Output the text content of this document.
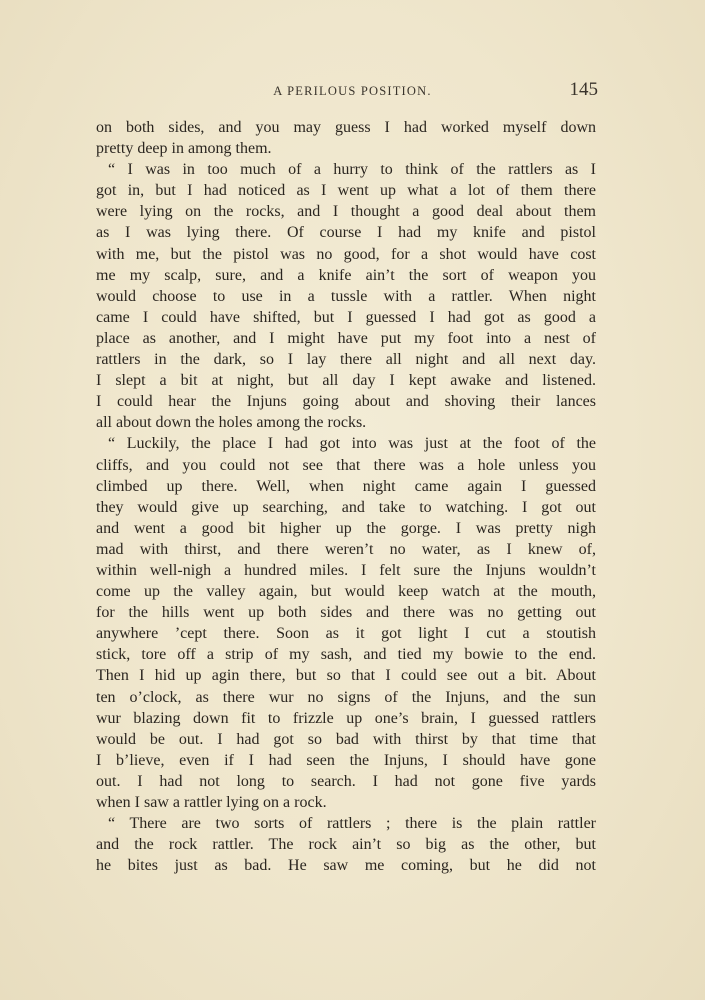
A PERILOUS POSITION.	145
on both sides, and you may guess I had worked myself down
pretty deep in among them.
“ I was in too much of a hurry to think of the rattlers as I
got in, but I had noticed as I went up what a lot of them there
were lying on the rocks, and I thought a good deal about them
as I was lying there. Of course I had my knife and pistol
with me, but the pistol was no good, for a shot would have cost
me my scalp, sure, and a knife ain’t the sort of weapon you
would choose to use in a tussle with a rattler. When night
came I could have shifted, but I guessed I had got as good a
place as another, and I might have put my foot into a nest of
rattlers in the dark, so I lay there all night and all next day.
I slept a bit at night, but all day I kept awake and listened.
I could hear the Injuns going about and shoving their lances
all about down the holes among the rocks.
“ Luckily, the place I had got into was just at the foot of the
cliffs, and you could not see that there was a hole unless you
climbed up there. Well, when night came again I guessed
they would give up searching, and take to watching. I got out
and went a good bit higher up the gorge. I was pretty nigh
mad with thirst, and there weren’t no water, as I knew of,
within well-nigh a hundred miles. I felt sure the Injuns wouldn’t
come up the valley again, but would keep watch at the mouth,
for the hills went up both sides and there was no getting out
anywhere ’cept there. Soon as it got light I cut a stoutish
stick, tore off a strip of my sash, and tied my bowie to the end.
Then I hid up agin there, but so that I could see out a bit. About
ten o’clock, as there wur no signs of the Injuns, and the sun
wur blazing down fit to frizzle up one’s brain, I guessed rattlers
would be out. I had got so bad with thirst by that time that
I b’lieve, even if I had seen the Injuns, I should have gone
out. I had not long to search. I had not gone five yards
when I saw a rattler lying on a rock.
“ There are two sorts of rattlers ; there is the plain rattler
and the rock rattler. The rock ain’t so big as the other, but
he bites just as bad. He saw me coming, but he did not
